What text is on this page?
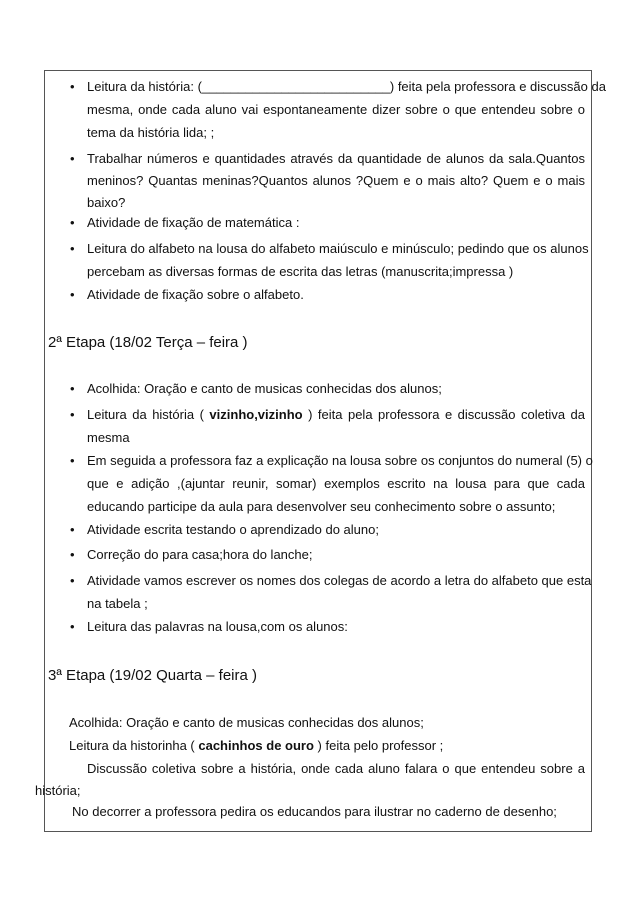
• Leitura da história: (__________________________) feita pela professora e discussão da
mesma, onde cada aluno vai espontaneamente dizer sobre o que entendeu sobre o
tema da história lida; ;
• Trabalhar números e quantidades através da quantidade de alunos da sala.Quantos
meninos? Quantas meninas?Quantos alunos ?Quem e o mais alto? Quem e o mais
baixo?
• Atividade de fixação de matemática :
• Leitura do alfabeto na lousa do alfabeto maiúsculo e minúsculo; pedindo que os alunos
percebam as diversas formas de escrita das letras (manuscrita;impressa )
• Atividade de fixação sobre o alfabeto.
2ª Etapa (18/02 Terça – feira )
• Acolhida: Oração e canto de musicas conhecidas dos alunos;
• Leitura da história ( vizinho,vizinho ) feita pela professora e discussão coletiva da
mesma
• Em seguida a professora faz a explicação na lousa sobre os conjuntos do numeral (5) o
que e adição ,(ajuntar reunir, somar) exemplos escrito na lousa para que cada
educando participe da aula para desenvolver seu conhecimento sobre o assunto;
• Atividade escrita testando o aprendizado do aluno;
• Correção do para casa;hora do lanche;
• Atividade vamos escrever os nomes dos colegas de acordo a letra do alfabeto que esta
na tabela ;
• Leitura das palavras na lousa,com os alunos:
3ª Etapa (19/02 Quarta – feira )
Acolhida: Oração e canto de musicas conhecidas dos alunos;
Leitura da historinha ( cachinhos de ouro ) feita pelo professor ;
Discussão coletiva sobre a história, onde cada aluno falara o que entendeu sobre a
história;
No decorrer a professora pedira os educandos para ilustrar no caderno de desenho;
